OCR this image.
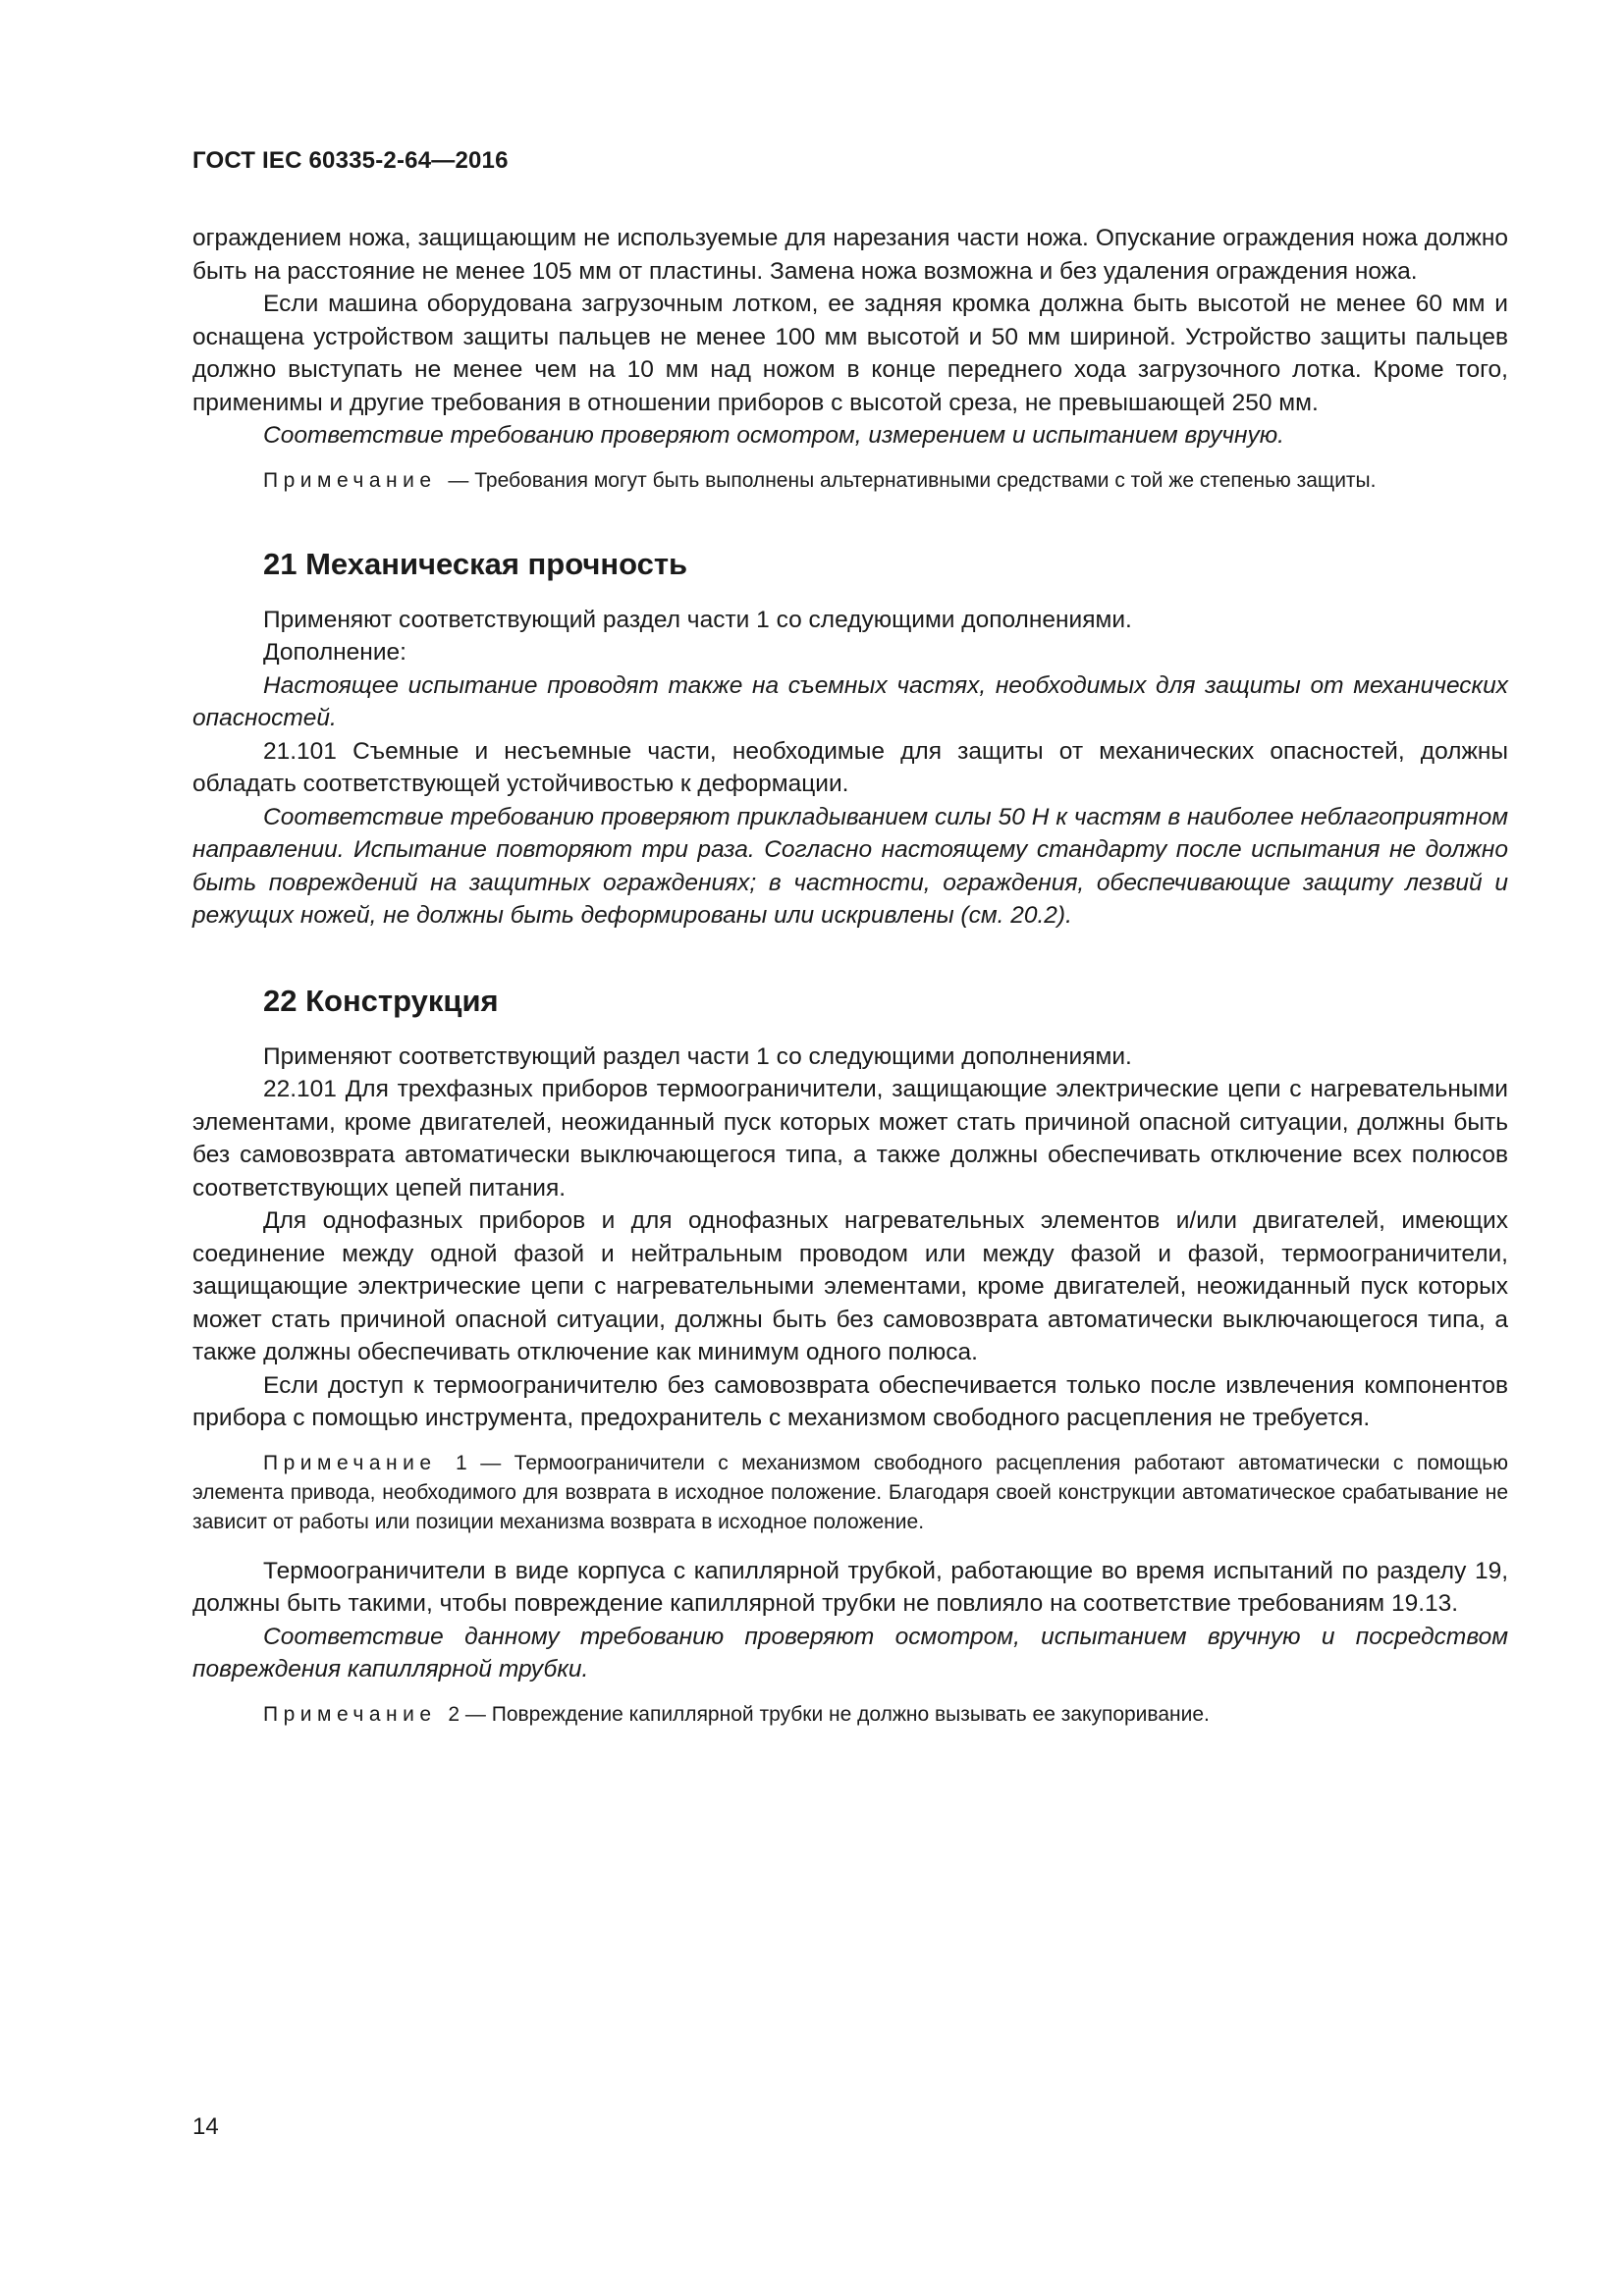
ГОСТ IEC 60335-2-64—2016

ограждением ножа, защищающим не используемые для нарезания части ножа. Опускание ограждения ножа должно быть на расстояние не менее 105 мм от пластины. Замена ножа возможна и без удаления ограждения ножа.

Если машина оборудована загрузочным лотком, ее задняя кромка должна быть высотой не менее 60 мм и оснащена устройством защиты пальцев не менее 100 мм высотой и 50 мм шириной. Устройство защиты пальцев должно выступать не менее чем на 10 мм над ножом в конце переднего хода загрузочного лотка. Кроме того, применимы и другие требования в отношении приборов с высотой среза, не превышающей 250 мм.

Соответствие требованию проверяют осмотром, измерением и испытанием вручную.

Примечание — Требования могут быть выполнены альтернативными средствами с той же степенью защиты.

21 Механическая прочность

Применяют соответствующий раздел части 1 со следующими дополнениями.

Дополнение:

Настоящее испытание проводят также на съемных частях, необходимых для защиты от механических опасностей.

21.101 Съемные и несъемные части, необходимые для защиты от механических опасностей, должны обладать соответствующей устойчивостью к деформации.

Соответствие требованию проверяют прикладыванием силы 50 Н к частям в наиболее неблагоприятном направлении. Испытание повторяют три раза. Согласно настоящему стандарту после испытания не должно быть повреждений на защитных ограждениях; в частности, ограждения, обеспечивающие защиту лезвий и режущих ножей, не должны быть деформированы или искривлены (см. 20.2).

22 Конструкция

Применяют соответствующий раздел части 1 со следующими дополнениями.

22.101 Для трехфазных приборов термоограничители, защищающие электрические цепи с нагревательными элементами, кроме двигателей, неожиданный пуск которых может стать причиной опасной ситуации, должны быть без самовозврата автоматически выключающегося типа, а также должны обеспечивать отключение всех полюсов соответствующих цепей питания.

Для однофазных приборов и для однофазных нагревательных элементов и/или двигателей, имеющих соединение между одной фазой и нейтральным проводом или между фазой и фазой, термоограничители, защищающие электрические цепи с нагревательными элементами, кроме двигателей, неожиданный пуск которых может стать причиной опасной ситуации, должны быть без самовозврата автоматически выключающегося типа, а также должны обеспечивать отключение как минимум одного полюса.

Если доступ к термоограничителю без самовозврата обеспечивается только после извлечения компонентов прибора с помощью инструмента, предохранитель с механизмом свободного расцепления не требуется.

Примечание 1 — Термоограничители с механизмом свободного расцепления работают автоматически с помощью элемента привода, необходимого для возврата в исходное положение. Благодаря своей конструкции автоматическое срабатывание не зависит от работы или позиции механизма возврата в исходное положение.

Термоограничители в виде корпуса с капиллярной трубкой, работающие во время испытаний по разделу 19, должны быть такими, чтобы повреждение капиллярной трубки не повлияло на соответствие требованиям 19.13.

Соответствие данному требованию проверяют осмотром, испытанием вручную и посредством повреждения капиллярной трубки.

Примечание 2 — Повреждение капиллярной трубки не должно вызывать ее закупоривание.

14
